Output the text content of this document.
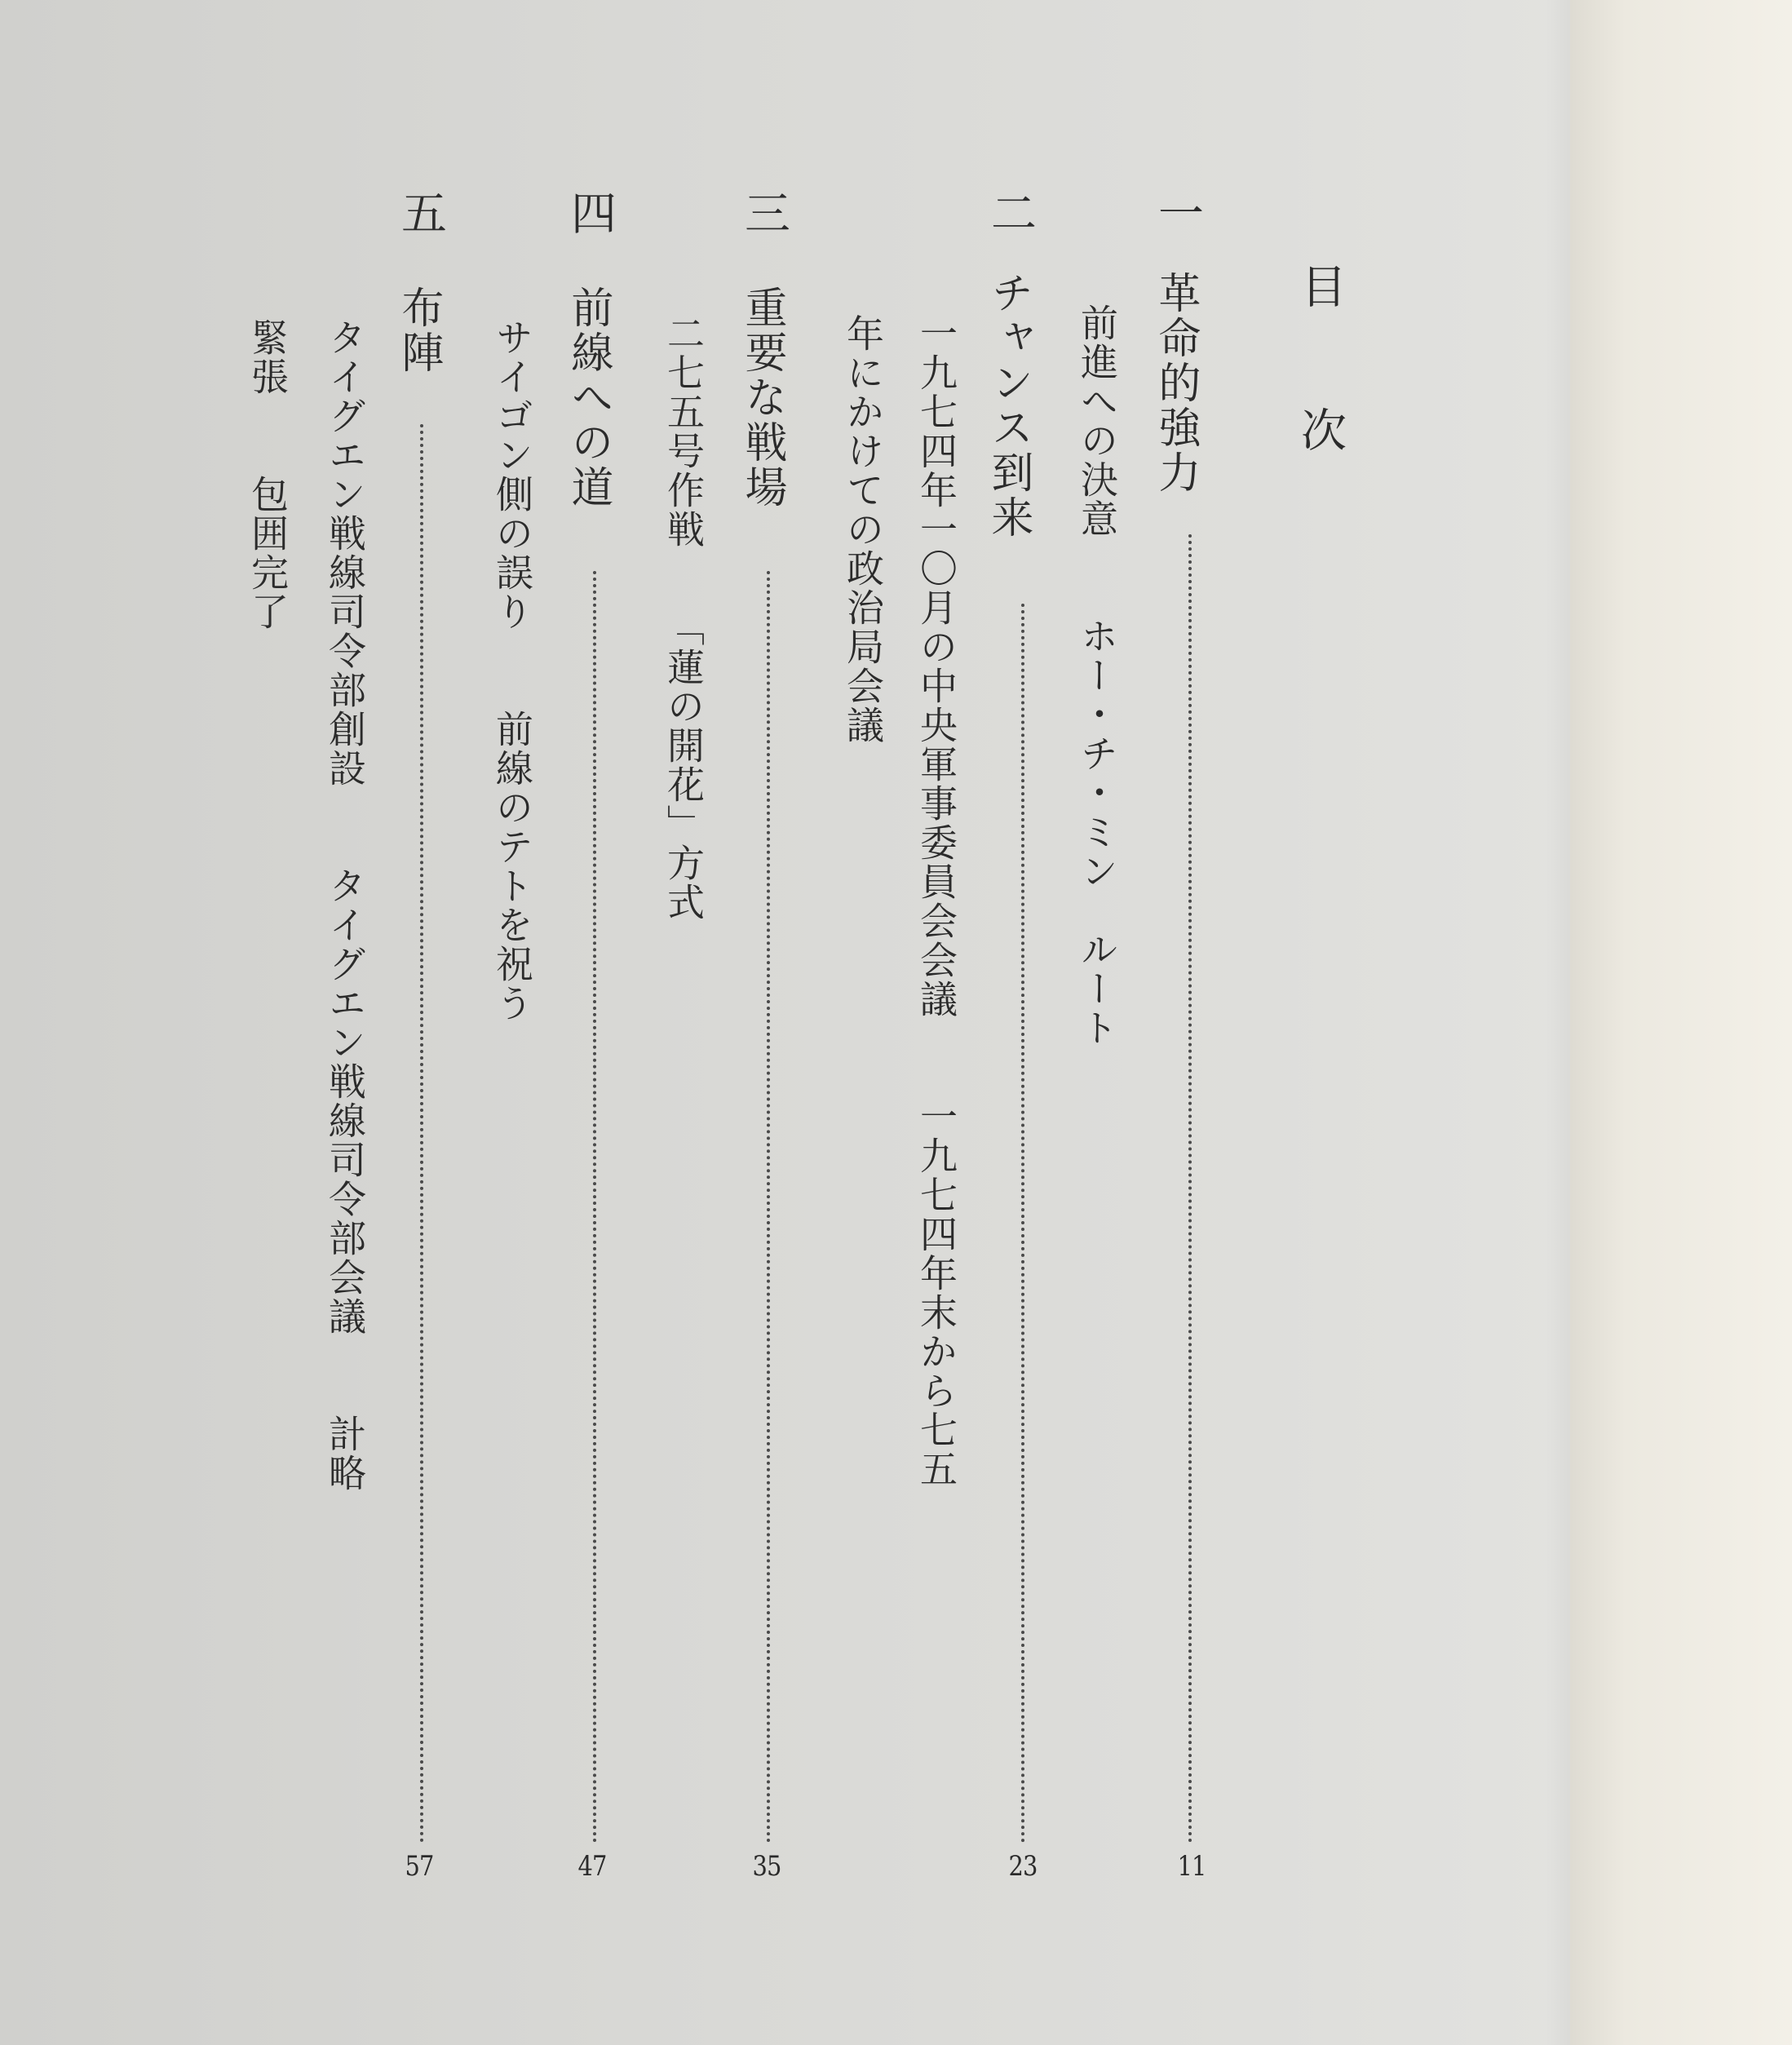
目次
一
革命的強力
11
前進への決意　　ホー・チ・ミン　ルート
二
チャンス到来
23
一九七四年一〇月の中央軍事委員会会議　　一九七四年末から七五
年にかけての政治局会議
三
重要な戦場
35
二七五号作戦　　「蓮の開花」方式
四
前線への道
47
サイゴン側の誤り　　前線のテトを祝う
五
布陣
57
タイグエン戦線司令部創設　　タイグエン戦線司令部会議　　計略
緊張　　包囲完了
